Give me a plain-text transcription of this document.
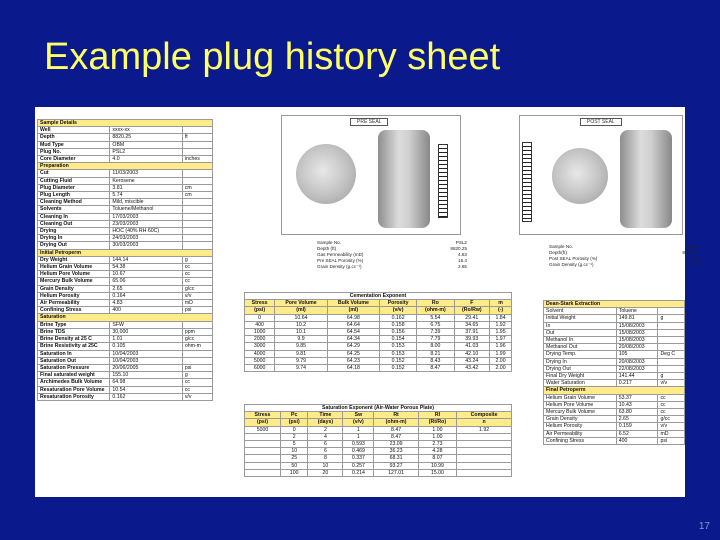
Example plug history sheet
Sample Details		
Well	xxxx-xx	
Depth	8820.25	ft
Mud Type	OBM	
Plug No.	PSL2	
Core Diameter	4.0	inches
Preparation		
Cut	11/03/2003	
Cutting Fluid	Kerosene	
Plug Diameter	3.81	cm
Plug Length	5.74	cm
Cleaning Method	Mild, miscible	
Solvents	Toluene/Methanol	
Cleaning In	17/03/2003	
Cleaning Out	23/03/2003	
Drying	HOC (40% RH 60C)	
Drying In	24/03/2003	
Drying Out	30/03/2003	
Initial Petroperm		
Dry Weight	144.14	g
Helium Grain Volume	54.38	cc
Helium Pore Volume	10.67	cc
Mercury Bulk Volume	65.06	cc
Grain Density	2.65	g/cc
Helium Porosity	0.164	v/v
Air Permeability	4.83	mD
Confining Stress	400	psi
Saturation		
Brine Type	SFW	
Brine TDS	30,000	ppm
Brine Density at 25 C	1.01	g/cc
Brine Resistivity at 25C	0.105	ohm-m
Saturation In	10/04/2003	
Saturation Out	10/04/2003	
Saturation Pressure	20/06/2005	psi
Final saturated weight	155.10	g
Archimedes Bulk Volume	64.98	cc
Resaturation Pore Volume	10.54	cc
Resaturation Porosity	0.162	v/v
PRE SEAL
Sample No.	PSL2
Depth (ft)	8820.25
Gas Permeability (mD)	4.83
Pre SEAL Porosity (%)	16.4
Grain Density (g.cc⁻¹)	2.65
POST SEAL
Sample No.	PSL2
Depth(ft)	8820.25
Post SEAL Porosity (%)	15.3
Grain Density (g.cc⁻¹)	2.65
Cementation Exponent						
Stress	Pore Volume	Bulk Volume	Porosity	Ro	F	m
(psi)	(ml)	(ml)	(v/v)	(ohm-m)	(Ro/Rw)	(-)
0	10.64	64.98	0.162	5.54	29.41	1.84
400	10.2	64.64	0.158	6.75	34.65	1.92
1000	10.1	64.54	0.156	7.39	37.91	1.95
2000	9.9	64.34	0.154	7.79	39.93	1.97
3000	9.85	64.29	0.153	8.00	41.03	1.96
4000	9.81	64.25	0.153	8.21	42.10	1.99
5000	9.79	64.23	0.152	8.43	43.24	2.00
6000	9.74	64.18	0.152	8.47	43.42	2.00
Saturation Exponent (Air-Water Porous Plate)						
Stress	Pc	Time	Sw	Rt	RI	Composite
(psi)	(psi)	(days)	(v/v)	(ohm-m)	(Rt/Ro)	n
5000	0	2	1	8.47	1.00	1.92
	2	4	1	8.47	1.00	
	5	6	0.593	23.09	2.73	
	10	6	0.469	36.23	4.28	
	25	8	0.337	68.31	8.07	
	50	10	0.257	93.27	10.99	
	100	20	0.214	127.01	15.00	
Dean-Stark Extraction		
Solvent	Toluene	
Initial Weight	149.81	g
In	15/08/2003	
Out	15/08/2003	
Methanol In	15/08/2003	
Methanol Out	20/08/2003	
Drying Temp.	105	Deg C
Drying In	20/08/2003	
Drying Out	22/08/2003	
Final Dry Weight	141.44	g
Water Saturation	0.217	v/v
Final Petroperm		
Helium Grain Volume	53.37	cc
Helium Pore Volume	10.43	cc
Mercury Bulk Volume	63.80	cc
Grain Density	2.65	g/cc
Helium Porosity	0.159	v/v
Air Permeability	6.52	mD
Confining Stress	400	psi
17
